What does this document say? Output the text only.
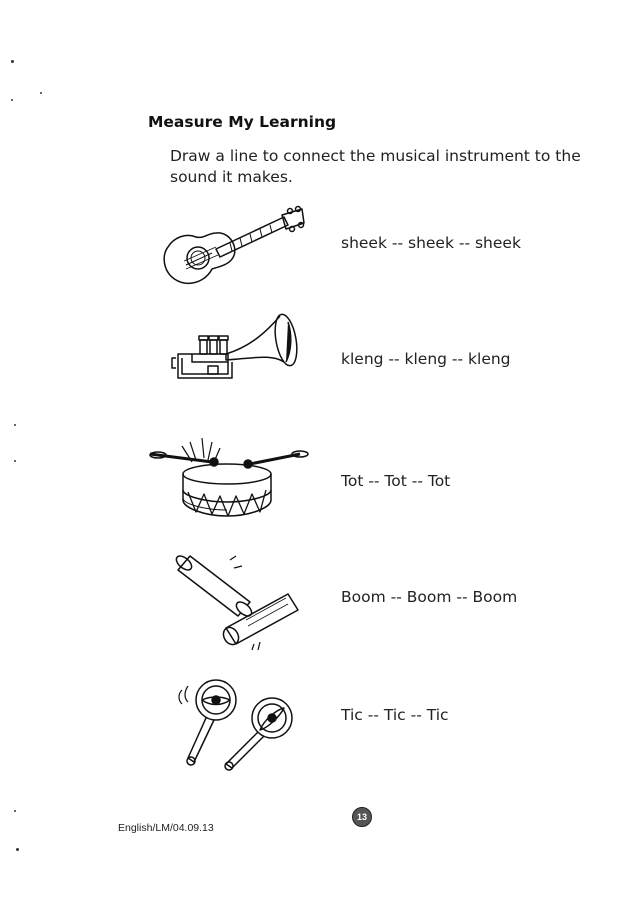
Measure My Learning
Draw a line to connect the musical instrument to the sound it makes.
sheek -- sheek -- sheek
kleng -- kleng -- kleng
Tot -- Tot -- Tot
Boom -- Boom -- Boom
Tic -- Tic -- Tic
English/LM/04.09.13
13
